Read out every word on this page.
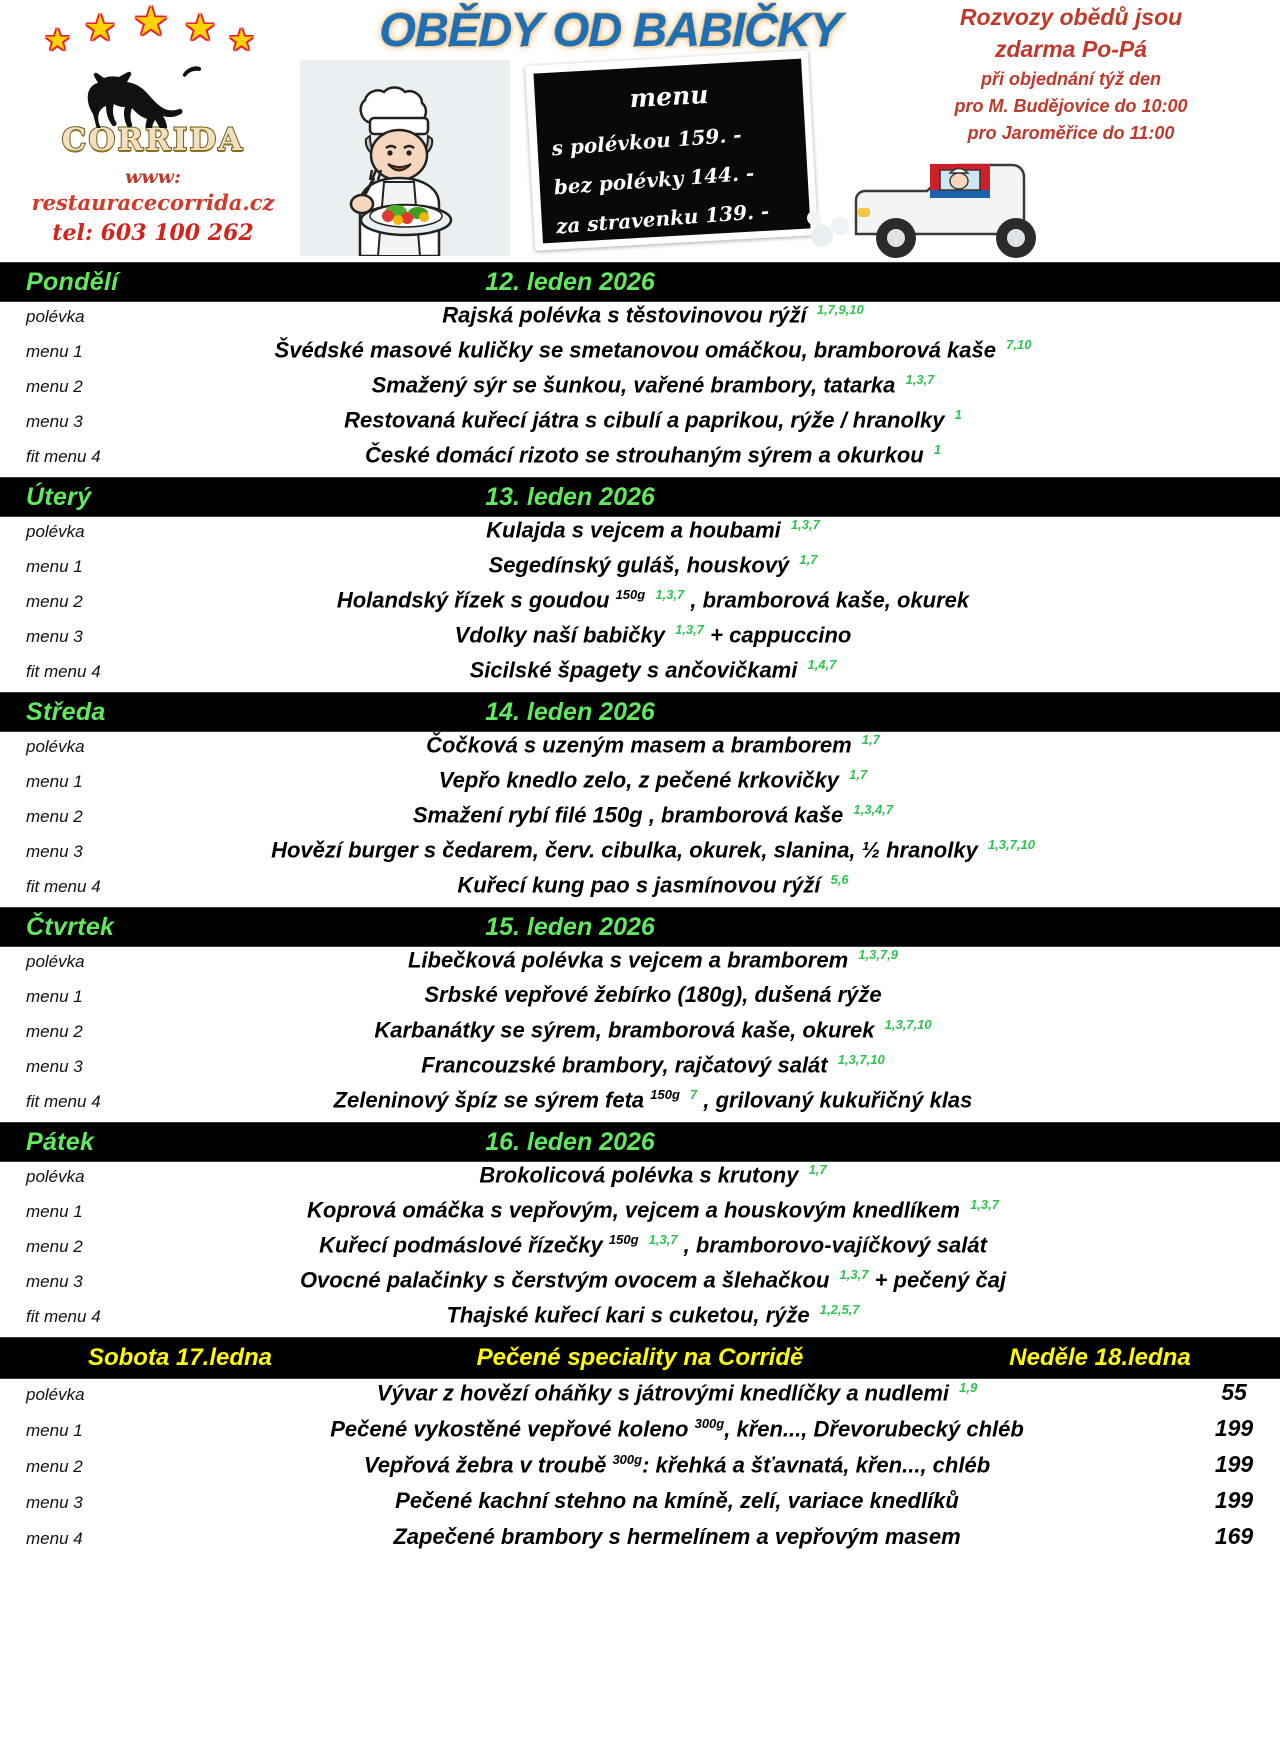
★ ★ ★ ★ ★
CORRIDA
www:
restauracecorrida.cz
tel: 603 100 262
OBĚDY OD BABIČKY
menu
s polévkou 159. -
bez polévky 144. -
za stravenku 139. -
Rozvozy obědů jsou
zdarma Po-Pá
při objednání týž den
pro M. Budějovice do 10:00
pro Jaroměřice do 11:00
Pondělí	12. leden 2026
polévka	Rajská polévka s těstovinovou rýží $^{1,7,9,10}$
menu 1	Švédské masové kuličky se smetanovou omáčkou, bramborová kaše $^{7,10}$
menu 2	Smažený sýr se šunkou, vařené brambory, tatarka $^{1,3,7}$
menu 3	Restovaná kuřecí játra s cibulí a paprikou, rýže / hranolky $^1$
fit menu 4	České domácí rizoto se strouhaným sýrem a okurkou $^1$
Úterý	13. leden 2026
polévka	Kulajda s vejcem a houbami $^{1,3,7}$
menu 1	Segedínský guláš, houskový $^{1,7}$
menu 2	Holandský řízek s goudou $^{150g}$ $^{1,3,7}$ , bramborová kaše, okurek
menu 3	Vdolky naší babičky $^{1,3,7}$ + cappuccino
fit menu 4	Sicilské špagety s ančovičkami $^{1,4,7}$
Středa	14. leden 2026
polévka	Čočková s uzeným masem a bramborem $^{1,7}$
menu 1	Vepřo knedlo zelo, z pečené krkovičky $^{1,7}$
menu 2	Smažení rybí filé 150g , bramborová kaše $^{1,3,4,7}$
menu 3	Hovězí burger s čedarem, červ. cibulka, okurek, slanina, ½ hranolky $^{1,3,7,10}$
fit menu 4	Kuřecí kung pao s jasmínovou rýží $^{5,6}$
Čtvrtek	15. leden 2026
polévka	Libečková polévka s vejcem a bramborem $^{1,3,7,9}$
menu 1	Srbské vepřové žebírko (180g), dušená rýže
menu 2	Karbanátky se sýrem, bramborová kaše, okurek $^{1,3,7,10}$
menu 3	Francouzské brambory, rajčatový salát $^{1,3,7,10}$
fit menu 4	Zeleninový špíz se sýrem feta $^{150g}$ $^7$ , grilovaný kukuřičný klas
Pátek	16. leden 2026
polévka	Brokolicová polévka s krutony $^{1,7}$
menu 1	Koprová omáčka s vepřovým, vejcem a houskovým knedlíkem $^{1,3,7}$
menu 2	Kuřecí podmáslové řízečky $^{150g}$ $^{1,3,7}$ , bramborovo-vajíčkový salát
menu 3	Ovocné palačinky s čerstvým ovocem a šlehačkou $^{1,3,7}$ + pečený čaj
fit menu 4	Thajské kuřecí kari s cuketou, rýže $^{1,2,5,7}$
Sobota 17.ledna	Pečené speciality na Corridě	Neděle 18.ledna
polévka	Vývar z hovězí oháňky s játrovými knedlíčky a nudlemi $^{1,9}$	55
menu 1	Pečené vykostěné vepřové koleno $^{300g}$, křen..., Dřevorubecký chléb	199
menu 2	Vepřová žebra v troubě $^{300g}$: křehká a šťavnatá, křen..., chléb	199
menu 3	Pečené kachní stehno na kmíně, zelí, variace knedlíků	199
menu 4	Zapečené brambory s hermelínem a vepřovým masem	169
